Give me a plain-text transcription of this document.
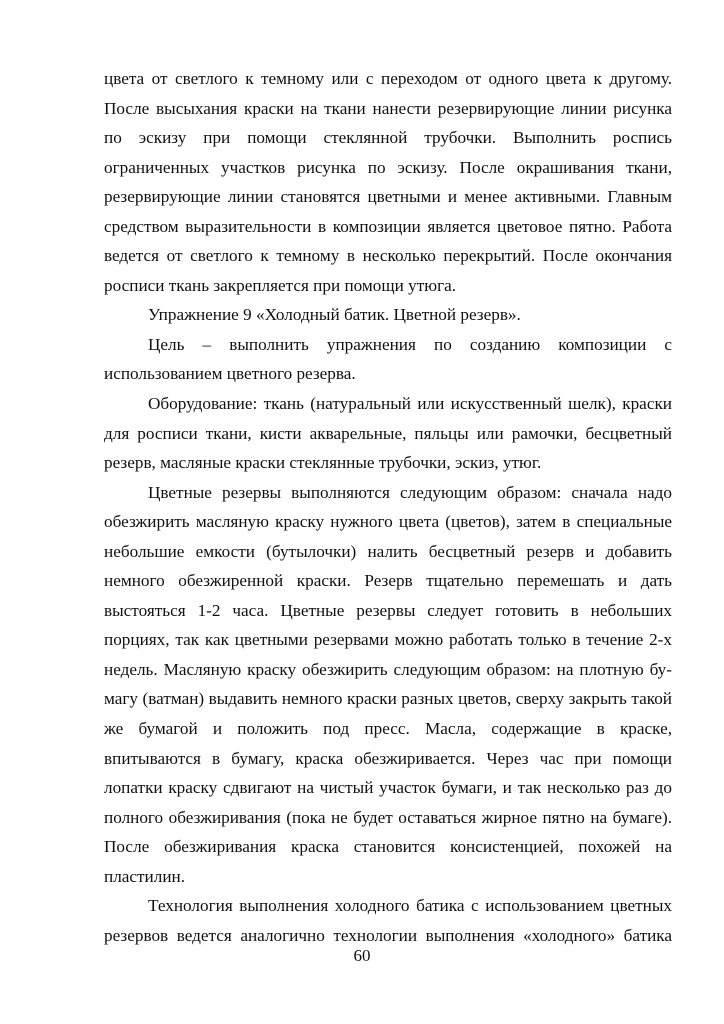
цвета от светлого к темному или с переходом от одного цвета к другому.
После высыхания краски на ткани нанести резервирующие линии рисунка
по эскизу при помощи стеклянной трубочки. Выполнить роспись
ограниченных участков рисунка по эскизу. После окрашивания ткани,
резервирующие линии становятся цветными и менее активными. Главным
средством выразительности в композиции является цветовое пятно. Работа
ведется от светлого к темному в несколько перекрытий. После окончания
росписи ткань закрепляется при помощи утюга.
Упражнение 9 «Холодный батик. Цветной резерв».
Цель – выполнить упражнения по созданию композиции с
использованием цветного резерва.
Оборудование: ткань (натуральный или искусственный шелк), краски
для росписи ткани, кисти акварельные, пяльцы или рамочки, бесцветный
резерв, масляные краски стеклянные трубочки, эскиз, утюг.
Цветные резервы выполняются следующим образом: сначала надо
обезжирить масляную краску нужного цвета (цветов), затем в специальные
небольшие емкости (бутылочки) налить бесцветный резерв и добавить
немного обезжиренной краски. Резерв тщательно перемешать и дать
выстояться 1-2 часа. Цветные резервы следует готовить в небольших
порциях, так как цветными резервами можно работать только в течение 2-х
недель. Масляную краску обезжирить следующим образом: на плотную бу-
магу (ватман) выдавить немного краски разных цветов, сверху закрыть такой
же бумагой и положить под пресс. Масла, содержащие в краске,
впитываются в бумагу, краска обезжиривается. Через час при помощи
лопатки краску сдвигают на чистый участок бумаги, и так несколько раз до
полного обезжиривания (пока не будет оставаться жирное пятно на бумаге).
После обезжиривания краска становится консистенцией, похожей на
пластилин.
Технология выполнения холодного батика с использованием цветных
резервов ведется аналогично технологии выполнения «холодного» батика
60
